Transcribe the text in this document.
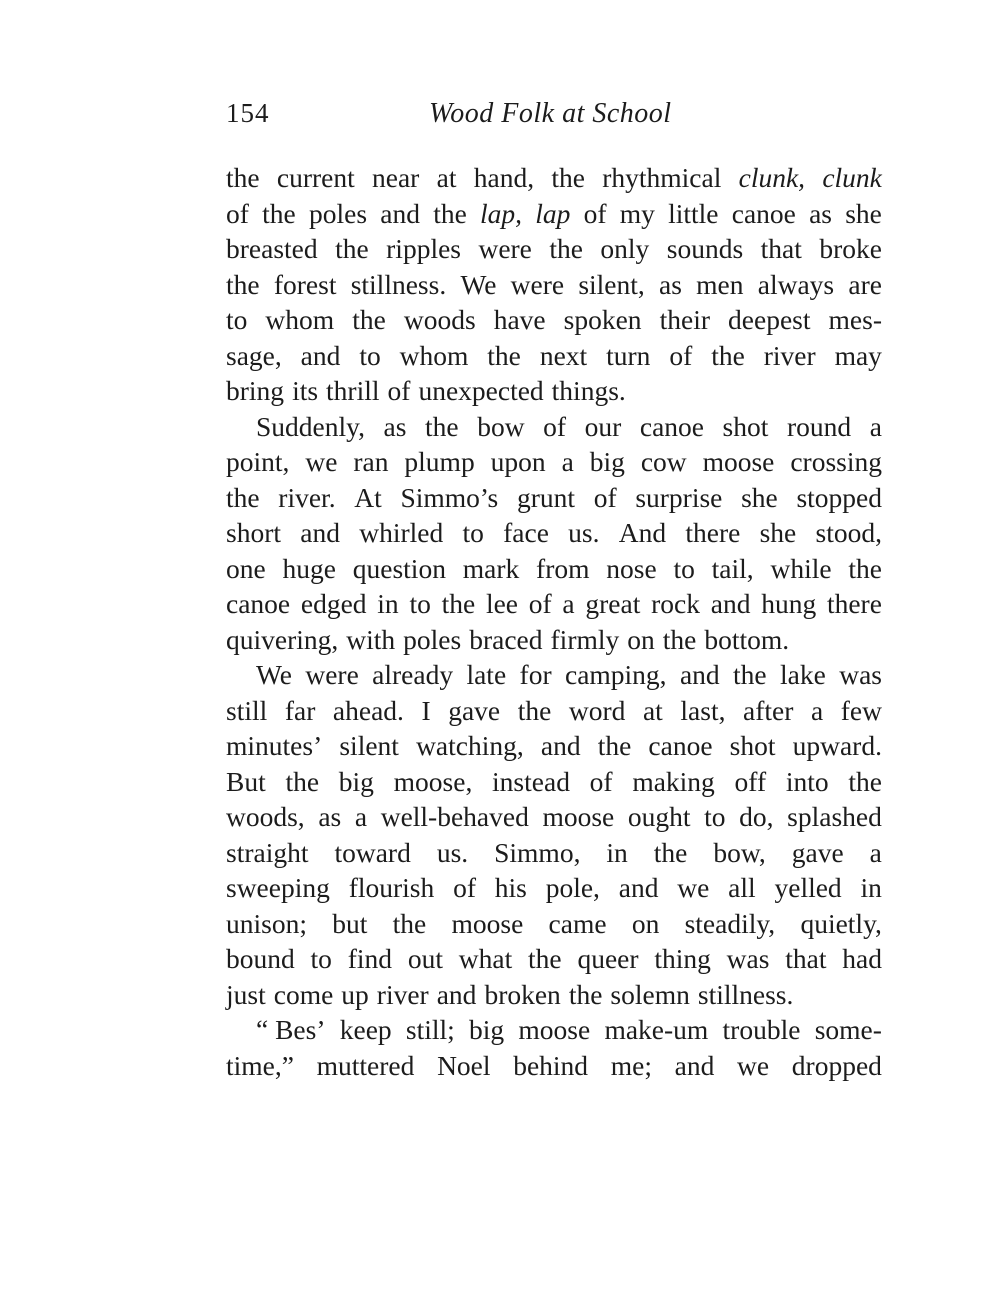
154	Wood Folk at School
the current near at hand, the rhythmical clunk, clunk
of the poles and the lap, lap of my little canoe as she
breasted the ripples were the only sounds that broke
the forest stillness. We were silent, as men always are
to whom the woods have spoken their deepest mes-
sage, and to whom the next turn of the river may
bring its thrill of unexpected things.
Suddenly, as the bow of our canoe shot round a
point, we ran plump upon a big cow moose crossing
the river. At Simmo’s grunt of surprise she stopped
short and whirled to face us. And there she stood,
one huge question mark from nose to tail, while the
canoe edged in to the lee of a great rock and hung there
quivering, with poles braced firmly on the bottom.
We were already late for camping, and the lake was
still far ahead. I gave the word at last, after a few
minutes’ silent watching, and the canoe shot upward.
But the big moose, instead of making off into the
woods, as a well-behaved moose ought to do, splashed
straight toward us. Simmo, in the bow, gave a
sweeping flourish of his pole, and we all yelled in
unison; but the moose came on steadily, quietly,
bound to find out what the queer thing was that had
just come up river and broken the solemn stillness.
“ Bes’ keep still; big moose make-um trouble some-
time,” muttered Noel behind me; and we dropped
